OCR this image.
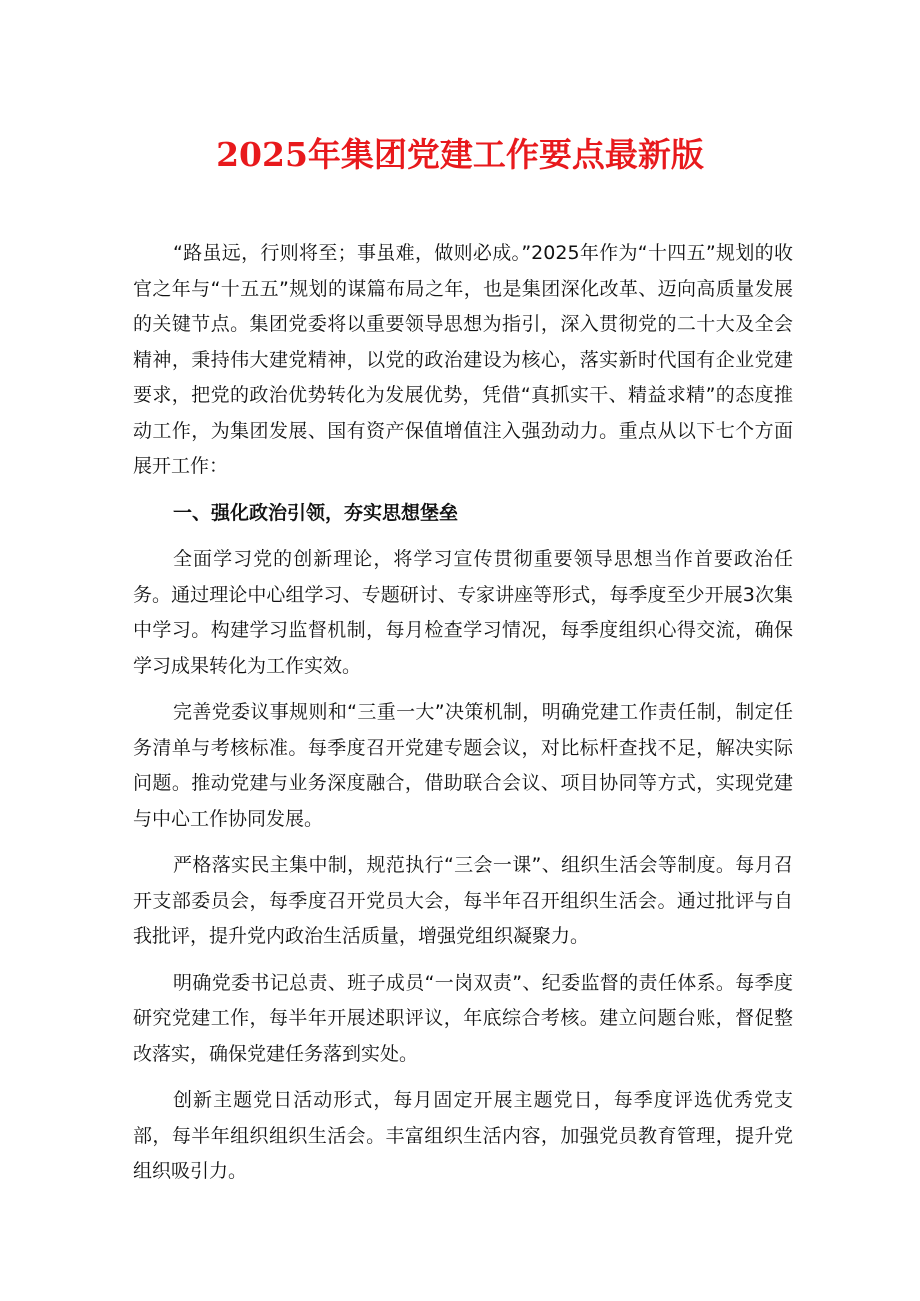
2025年集团党建工作要点最新版

“路虽远，行则将至；事虽难，做则必成。”2025年作为“十四五”规划的收官之年与“十五五”规划的谋篇布局之年，也是集团深化改革、迈向高质量发展的关键节点。集团党委将以重要领导思想为指引，深入贯彻党的二十大及全会精神，秉持伟大建党精神，以党的政治建设为核心，落实新时代国有企业党建要求，把党的政治优势转化为发展优势，凭借“真抓实干、精益求精”的态度推动工作，为集团发展、国有资产保值增值注入强劲动力。重点从以下七个方面展开工作：

一、强化政治引领，夯实思想堡垒

全面学习党的创新理论，将学习宣传贯彻重要领导思想当作首要政治任务。通过理论中心组学习、专题研讨、专家讲座等形式，每季度至少开展3次集中学习。构建学习监督机制，每月检查学习情况，每季度组织心得交流，确保学习成果转化为工作实效。

完善党委议事规则和“三重一大”决策机制，明确党建工作责任制，制定任务清单与考核标准。每季度召开党建专题会议，对比标杆查找不足，解决实际问题。推动党建与业务深度融合，借助联合会议、项目协同等方式，实现党建与中心工作协同发展。

严格落实民主集中制，规范执行“三会一课”、组织生活会等制度。每月召开支部委员会，每季度召开党员大会，每半年召开组织生活会。通过批评与自我批评，提升党内政治生活质量，增强党组织凝聚力。

明确党委书记总责、班子成员“一岗双责”、纪委监督的责任体系。每季度研究党建工作，每半年开展述职评议，年底综合考核。建立问题台账，督促整改落实，确保党建任务落到实处。

创新主题党日活动形式，每月固定开展主题党日，每季度评选优秀党支部，每半年组织组织生活会。丰富组织生活内容，加强党员教育管理，提升党组织吸引力。
